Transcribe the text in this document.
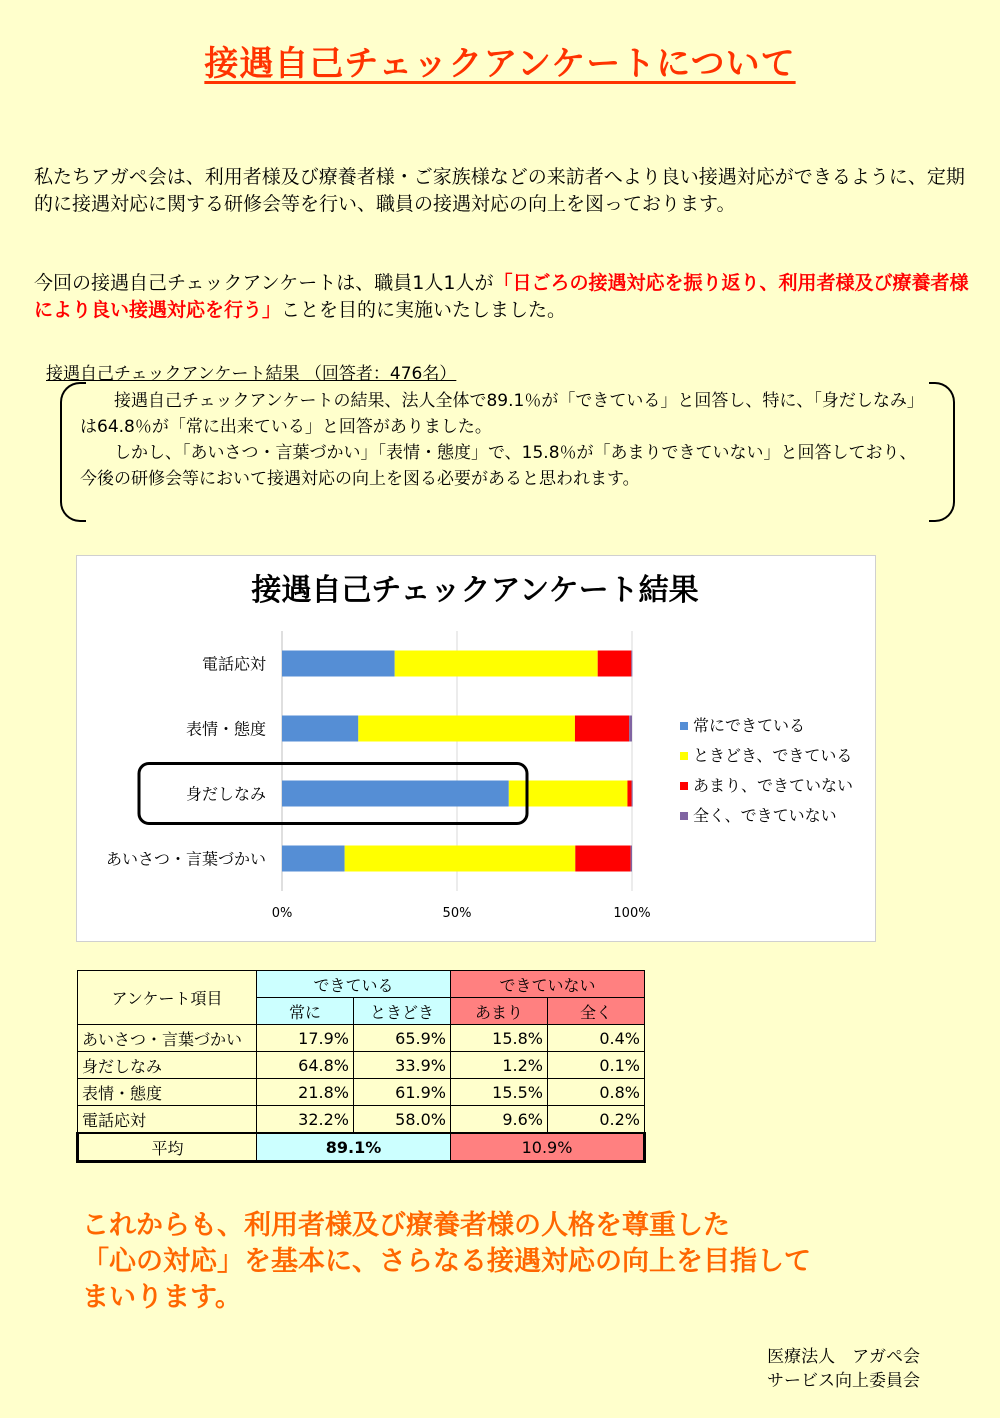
接遇自己チェックアンケートについて
私たちアガペ会は、利用者様及び療養者様・ご家族様などの来訪者へより良い接遇対応ができるように、定期的に接遇対応に関する研修会等を行い、職員の接遇対応の向上を図っております。
今回の接遇自己チェックアンケートは、職員1人1人が「日ごろの接遇対応を振り返り、利用者様及び療養者様により良い接遇対応を行う」ことを目的に実施いたしました。
接遇自己チェックアンケート結果 （回答者：476名）

接遇自己チェックアンケートの結果、法人全体で89.1％が「できている」と回答し、特に、「身だしなみ」は64.8％が「常に出来ている」と回答がありました。

しかし、「あいさつ・言葉づかい」「表情・態度」で、15.8％が「あまりできていない」と回答しており、今後の研修会等において接遇対応の向上を図る必要があると思われます。

接遇自己チェックアンケート結果
0%	50%	100%
電話応対
表情・態度
身だしなみ
あいさつ・言葉づかい
常にできている
ときどき、できている
あまり、できていない
全く、できていない
アンケート項目	できている		できていない	
	常に	ときどき	あまり	全く
あいさつ・言葉づかい	17.9%	65.9%	15.8%	0.4%
身だしなみ	64.8%	33.9%	1.2%	0.1%
表情・態度	21.8%	61.9%	15.5%	0.8%
電話応対	32.2%	58.0%	9.6%	0.2%
平均	89.1%		10.9%	
これからも、利用者様及び療養者様の人格を尊重した
「心の対応」を基本に、さらなる接遇対応の向上を目指して
まいります。
医療法人　アガペ会
サービス向上委員会
